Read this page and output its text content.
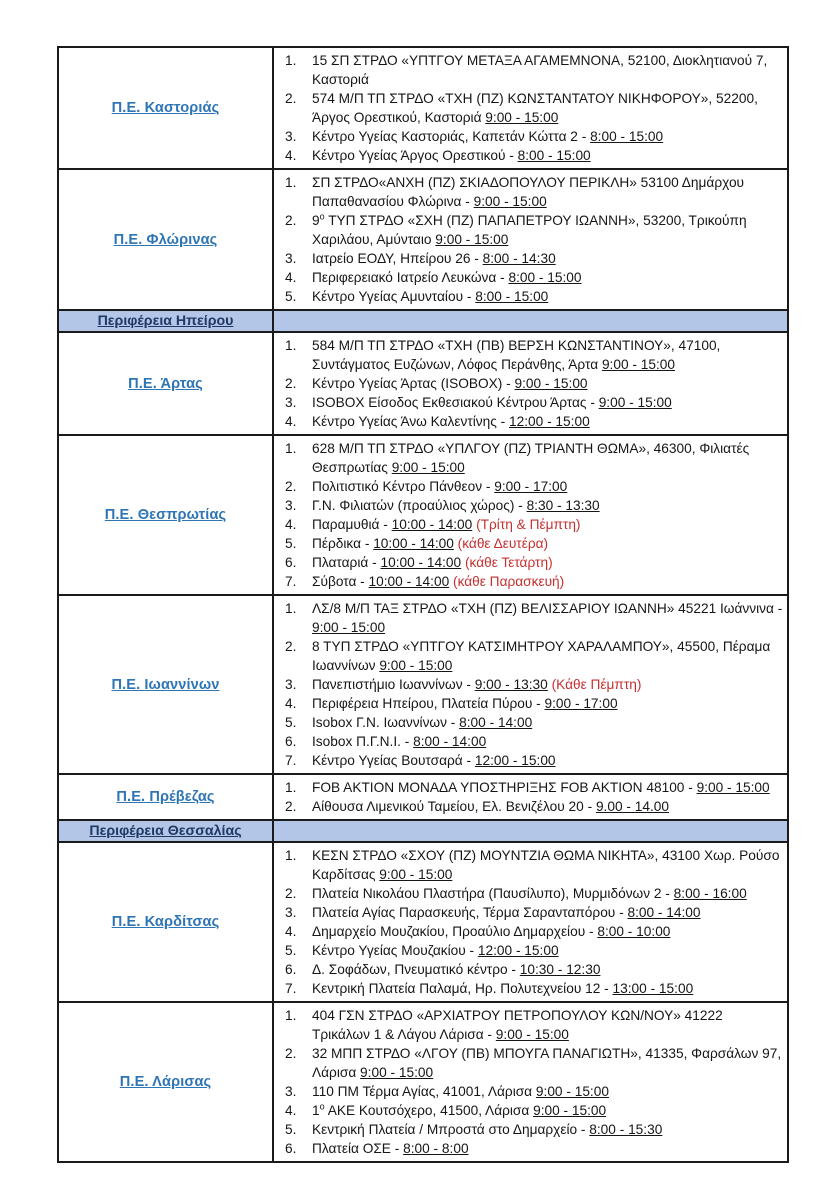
Π.Ε. Καστοριάς	
15 ΣΠ ΣΤΡΔΟ «ΥΠΤΓΟΥ ΜΕΤΑΞΑ ΑΓΑΜΕΜΝΟΝΑ, 52100, Διοκλητιανού 7, Καστοριά
574 Μ/Π ΤΠ ΣΤΡΔΟ «ΤΧΗ (ΠΖ) ΚΩΝΣΤΑΝΤΑΤΟΥ ΝΙΚΗΦΟΡΟΥ», 52200, Άργος Ορεστικού, Καστοριά 9:00 - 15:00
Κέντρο Υγείας Καστοριάς, Καπετάν Κώττα 2 - 8:00 - 15:00
Κέντρο Υγείας Άργος Ορεστικού - 8:00 - 15:00

Π.Ε. Φλώρινας	
ΣΠ ΣΤΡΔΟ«ΑΝΧΗ (ΠΖ) ΣΚΙΑΔΟΠΟΥΛΟΥ ΠΕΡΙΚΛΗ» 53100 Δημάρχου Παπαθανασίου Φλώρινα - 9:00 - 15:00
$9^o$ ΤΥΠ ΣΤΡΔΟ «ΣΧΗ (ΠΖ) ΠΑΠΑΠΕΤΡΟΥ ΙΩΑΝΝΗ», 53200, Τρικούπη Χαριλάου, Αμύνταιο 9:00 - 15:00
Ιατρείο ΕΟΔΥ, Ηπείρου 26 - 8:00 - 14:30
Περιφερειακό Ιατρείο Λευκώνα - 8:00 - 15:00
Κέντρο Υγείας Αμυνταίου - 8:00 - 15:00

Περιφέρεια Ηπείρου	
Π.Ε. Άρτας	
584 Μ/Π ΤΠ ΣΤΡΔΟ «ΤΧΗ (ΠΒ) ΒΕΡΣΗ ΚΩΝΣΤΑΝΤΙΝΟΥ», 47100, Συντάγματος Ευζώνων, Λόφος Περάνθης, Άρτα 9:00 - 15:00
Κέντρο Υγείας Άρτας (ISOBOX) - 9:00 - 15:00
ISOBOX Είσοδος Εκθεσιακού Κέντρου Άρτας - 9:00 - 15:00
Κέντρο Υγείας Άνω Καλεντίνης - 12:00 - 15:00

Π.Ε. Θεσπρωτίας	
628 Μ/Π ΤΠ ΣΤΡΔΟ «ΥΠΛΓΟΥ (ΠΖ) ΤΡΙΑΝΤΗ ΘΩΜΑ», 46300, Φιλιατές Θεσπρωτίας 9:00 - 15:00
Πολιτιστικό Κέντρο Πάνθεον - 9:00 - 17:00
Γ.Ν. Φιλιατών (προαύλιος χώρος) - 8:30 - 13:30
Παραμυθιά - 10:00 - 14:00 (Τρίτη & Πέμπτη)
Πέρδικα - 10:00 - 14:00 (κάθε Δευτέρα)
Πλαταριά - 10:00 - 14:00 (κάθε Τετάρτη)
Σύβοτα - 10:00 - 14:00 (κάθε Παρασκευή)

Π.Ε. Ιωαννίνων	
ΛΣ/8 Μ/Π ΤΑΞ ΣΤΡΔΟ «ΤΧΗ (ΠΖ) ΒΕΛΙΣΣΑΡΙΟΥ ΙΩΑΝΝΗ» 45221 Ιωάννινα - 9:00 - 15:00
8 ΤΥΠ ΣΤΡΔΟ «ΥΠΤΓΟΥ ΚΑΤΣΙΜΗΤΡΟΥ ΧΑΡΑΛΑΜΠΟΥ», 45500, Πέραμα Ιωαννίνων 9:00 - 15:00
Πανεπιστήμιο Ιωαννίνων - 9:00 - 13:30 (Κάθε Πέμπτη)
Περιφέρεια Ηπείρου, Πλατεία Πύρου - 9:00 - 17:00
Isobox Γ.Ν. Ιωαννίνων - 8:00 - 14:00
Isobox Π.Γ.Ν.Ι. - 8:00 - 14:00
Κέντρο Υγείας Βουτσαρά - 12:00 - 15:00

Π.Ε. Πρέβεζας	
FOB AKTION ΜΟΝΑΔΑ ΥΠΟΣΤΗΡΙΞΗΣ FOB AKTION 48100 - 9:00 - 15:00
Αίθουσα Λιμενικού Ταμείου, Ελ. Βενιζέλου 20 - 9.00 - 14.00

Περιφέρεια Θεσσαλίας	
Π.Ε. Καρδίτσας	
ΚΕΣΝ ΣΤΡΔΟ «ΣΧΟΥ (ΠΖ) ΜΟΥΝΤΖΙΑ ΘΩΜΑ ΝΙΚΗΤΑ», 43100 Χωρ. Ρούσο Καρδίτσας 9:00 - 15:00
Πλατεία Νικολάου Πλαστήρα (Παυσίλυπο), Μυρμιδόνων 2 - 8:00 - 16:00
Πλατεία Αγίας Παρασκευής, Τέρμα Σαρανταπόρου - 8:00 - 14:00
Δημαρχείο Μουζακίου, Προαύλιο Δημαρχείου - 8:00 - 10:00
Κέντρο Υγείας Μουζακίου - 12:00 - 15:00
Δ. Σοφάδων, Πνευματικό κέντρο - 10:30 - 12:30
Κεντρική Πλατεία Παλαμά, Ηρ. Πολυτεχνείου 12 - 13:00 - 15:00

Π.Ε. Λάρισας	
404 ΓΣΝ ΣΤΡΔΟ «ΑΡΧΙΑΤΡΟΥ ΠΕΤΡΟΠΟΥΛΟΥ ΚΩΝ/ΝΟΥ» 41222 Τρικάλων 1 & Λάγου Λάρισα - 9:00 - 15:00
32 ΜΠΠ ΣΤΡΔΟ «ΛΓΟΥ (ΠΒ) ΜΠΟΥΓΑ ΠΑΝΑΓΙΩΤΗ», 41335, Φαρσάλων 97, Λάρισα 9:00 - 15:00
110 ΠΜ Τέρμα Αγίας, 41001, Λάρισα 9:00 - 15:00
$1^o$ ΑΚΕ Κουτσόχερο, 41500, Λάρισα 9:00 - 15:00
Κεντρική Πλατεία / Μπροστά στο Δημαρχείο - 8:00 - 15:30
Πλατεία ΟΣΕ - 8:00 - 8:00
